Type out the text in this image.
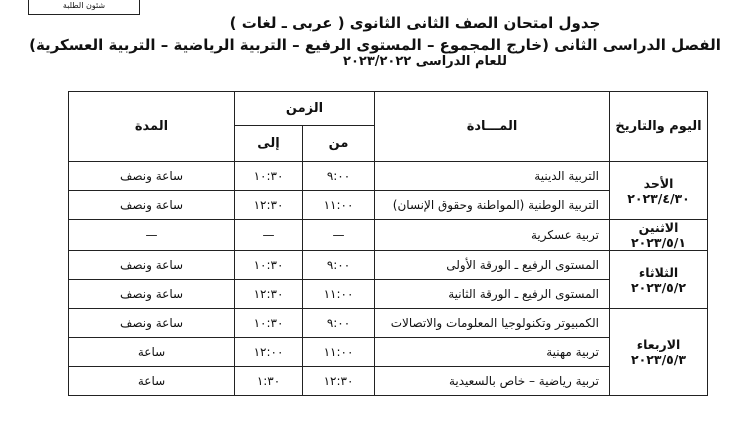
شئون الطلبة
جدول امتحان الصف الثانى الثانوى ( عربى ـ لغات )
الفصل الدراسى الثانى (خارج المجموع – المستوى الرفيع – التربية الرياضية – التربية العسكرية)
للعام الدراسى ٢٠٢٣/٢٠٢٢
اليوم والتاريخ	المـــادة	الزمن		المدة
		من	إلى	

الأحد
٢٠٢٣/٤/٣٠	التربية الدينية	٩:٠٠	١٠:٣٠	ساعة ونصف
	التربية الوطنية (المواطنة وحقوق الإنسان)	١١:٠٠	١٢:٣٠	ساعة ونصف

الاثنين
٢٠٢٣/٥/١	تربية عسكرية	—	—	—

الثلاثاء
٢٠٢٣/٥/٢	المستوى الرفيع ـ الورقة الأولى	٩:٠٠	١٠:٣٠	ساعة ونصف
	المستوى الرفيع ـ الورقة الثانية	١١:٠٠	١٢:٣٠	ساعة ونصف

الاربعاء
٢٠٢٣/٥/٣	الكمبيوتر وتكنولوجيا المعلومات والاتصالات	٩:٠٠	١٠:٣٠	ساعة ونصف
	تربية مهنية	١١:٠٠	١٢:٠٠	ساعة
	تربية رياضية – خاص بالسعيدية	١٢:٣٠	١:٣٠	ساعة
